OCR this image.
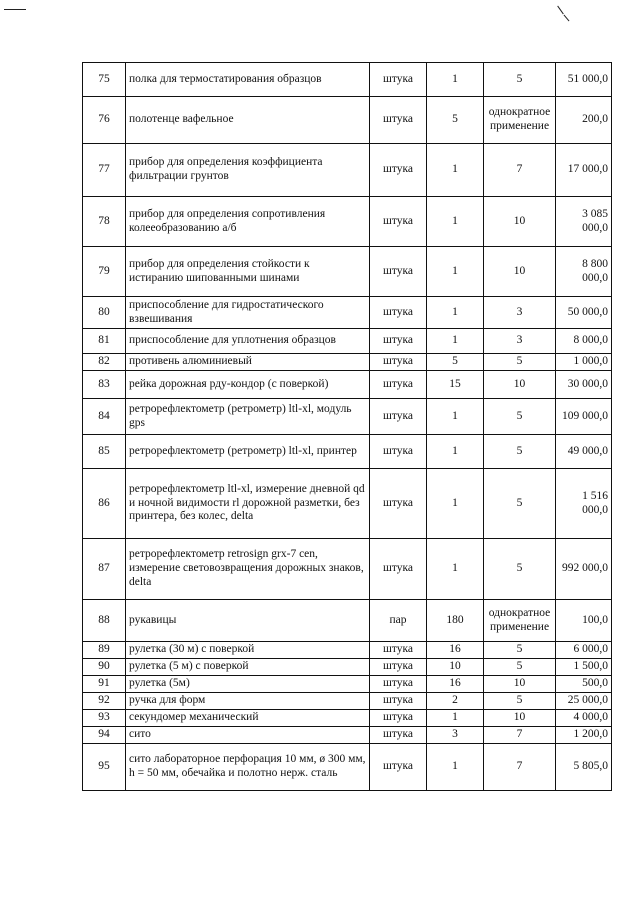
75	полка для термостатирования образцов	штука	1	5	51 000,0
76	полотенце вафельное	штука	5	однократное применение	200,0
77	прибор для определения коэффициента фильтрации грунтов	штука	1	7	17 000,0
78	прибор для определения сопротивления колееобразованию а/б	штука	1	10	3 085 000,0
79	прибор для определения стойкости к истиранию шипованными шинами	штука	1	10	8 800 000,0
80	приспособление для гидростатического взвешивания	штука	1	3	50 000,0
81	приспособление для уплотнения образцов	штука	1	3	8 000,0
82	противень алюминиевый	штука	5	5	1 000,0
83	рейка дорожная рду-кондор (с поверкой)	штука	15	10	30 000,0
84	ретрорефлектометр (ретрометр) ltl-xl, модуль gps	штука	1	5	109 000,0
85	ретрорефлектометр (ретрометр) ltl-xl, принтер	штука	1	5	49 000,0
86	ретрорефлектометр ltl-xl, измерение дневной qd и ночной видимости rl дорожной разметки, без принтера, без колес, delta	штука	1	5	1 516 000,0
87	ретрорефлектометр retrosign grx-7 cen, измерение световозвращения дорожных знаков, delta	штука	1	5	992 000,0
88	рукавицы	пар	180	однократное применение	100,0
89	рулетка (30 м) с поверкой	штука	16	5	6 000,0
90	рулетка (5 м) с поверкой	штука	10	5	1 500,0
91	рулетка (5м)	штука	16	10	500,0
92	ручка для форм	штука	2	5	25 000,0
93	секундомер механический	штука	1	10	4 000,0
94	сито	штука	3	7	1 200,0
95	сито лабораторное перфорация 10 мм, ø 300 мм, h = 50 мм, обечайка и полотно нерж. сталь	штука	1	7	5 805,0
